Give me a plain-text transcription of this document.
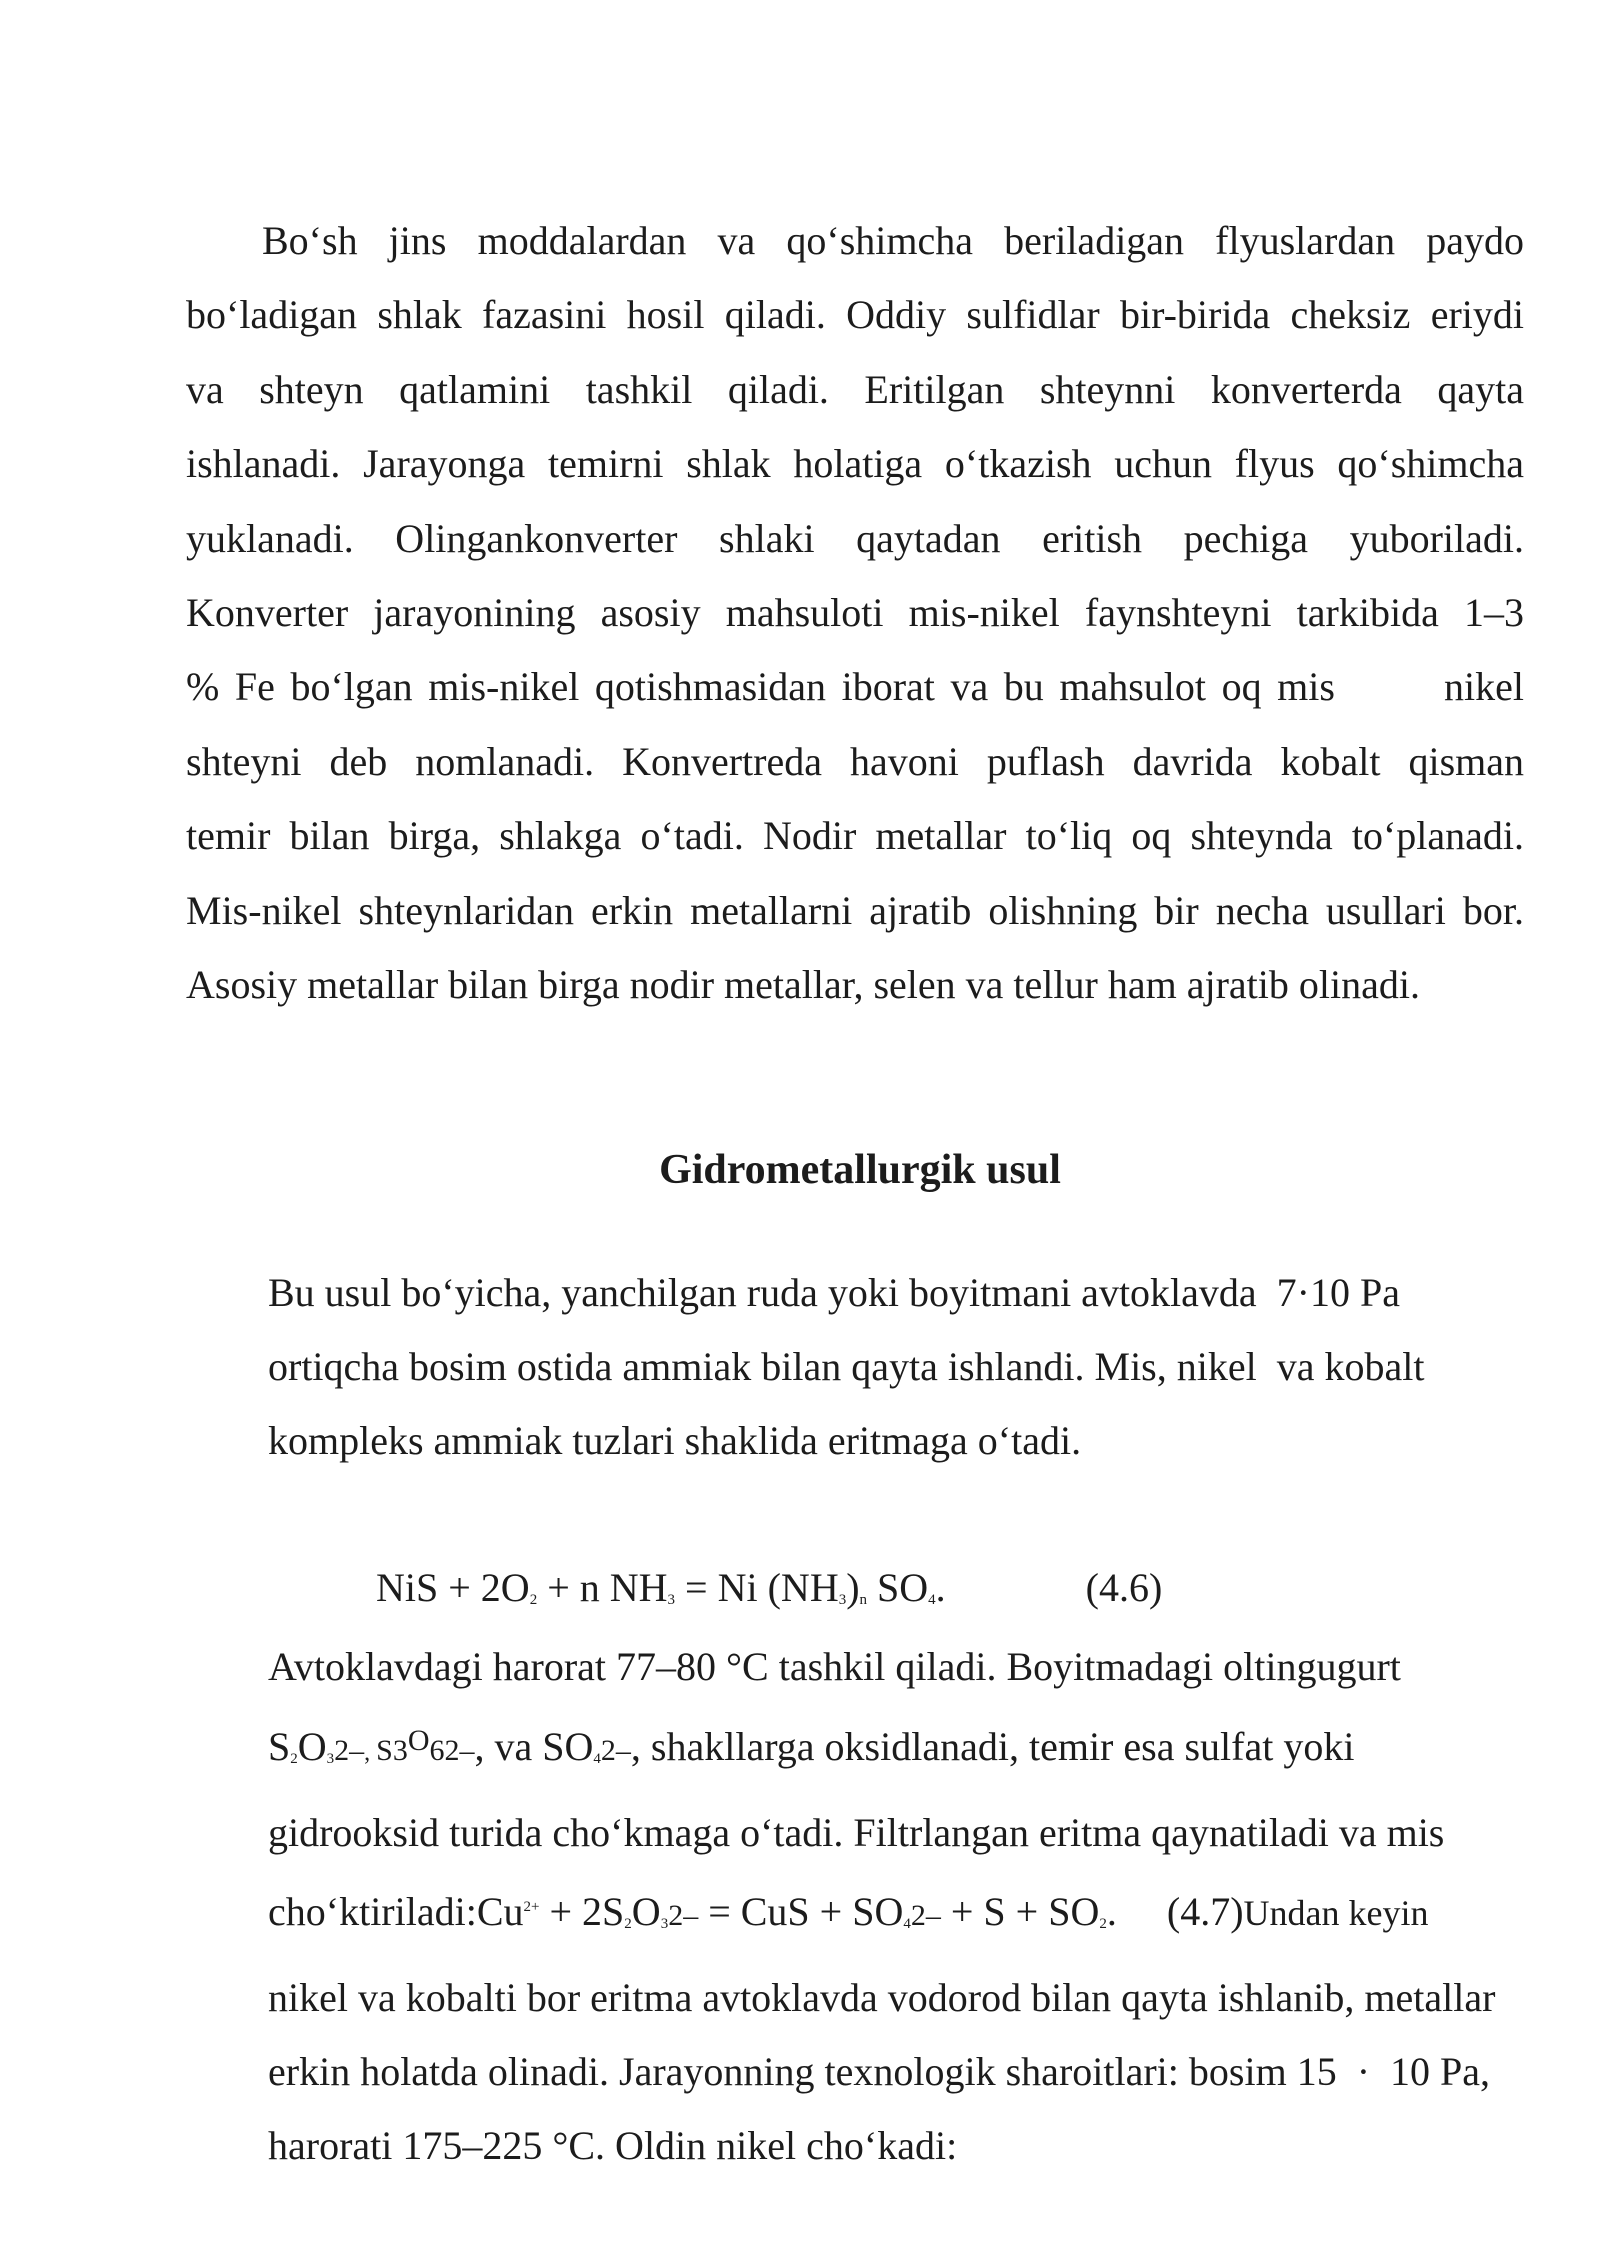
Bo‘sh jins moddalardan va qo‘shimcha beriladigan flyuslardan paydo
bo‘ladigan shlak fazasini hosil qiladi. Oddiy sulfidlar bir-birida cheksiz eriydi
va shteyn qatlamini tashkil qiladi. Eritilgan shteynni konverterda qayta
ishlanadi. Jarayonga temirni shlak holatiga o‘tkazish uchun flyus qo‘shimcha
yuklanadi. Olingankonverter shlaki qaytadan eritish pechiga yuboriladi.
Konverter jarayonining asosiy mahsuloti mis-nikel faynshteyni tarkibida 1–3
% Fe bo‘lgan mis-nikel qotishmasidan iborat va bu mahsulot oq mis       nikel
shteyni deb nomlanadi. Konvertreda havoni puflash davrida kobalt qisman
temir bilan birga, shlakga o‘tadi. Nodir metallar to‘liq oq shteynda to‘planadi.
Mis-nikel shteynlaridan erkin metallarni ajratib olishning bir necha usullari bor.
Asosiy metallar bilan birga nodir metallar, selen va tellur ham ajratib olinadi.

Gidrometallurgik usul

Bu usul bo‘yicha, yanchilgan ruda yoki boyitmani avtoklavda  7·10 Pa
ortiqcha bosim ostida ammiak bilan qayta ishlandi. Mis, nikel  va kobalt
kompleks ammiak tuzlari shaklida eritmaga o‘tadi.

NiS + $2O_2 + n$ $NH_3 = Ni$ $(NH_3)_n$ $SO_4$.	(4.6)

Avtoklavdagi harorat 77–80 °C tashkil qiladi. Boyitmadagi oltingugurt
$S_2O_32-$, $S3^O62-$, va $SO_42-$, shakllarga oksidlanadi, temir esa sulfat yoki
gidrooksid turida cho‘kmaga o‘tadi. Filtrlangan eritma qaynatiladi va mis
$cho‘ktiriladi:Cu^{2+} + 2S_2O_32-$ = CuS + $SO_42- + S + SO_2$.     (4.7)Undan keyin
nikel va kobalti bor eritma avtoklavda vodorod bilan qayta ishlanib, metallar
erkin holatda olinadi. Jarayonning texnologik sharoitlari: bosim 15  ·  10 Pa,
harorati 175–225 °C. Oldin nikel cho‘kadi:
